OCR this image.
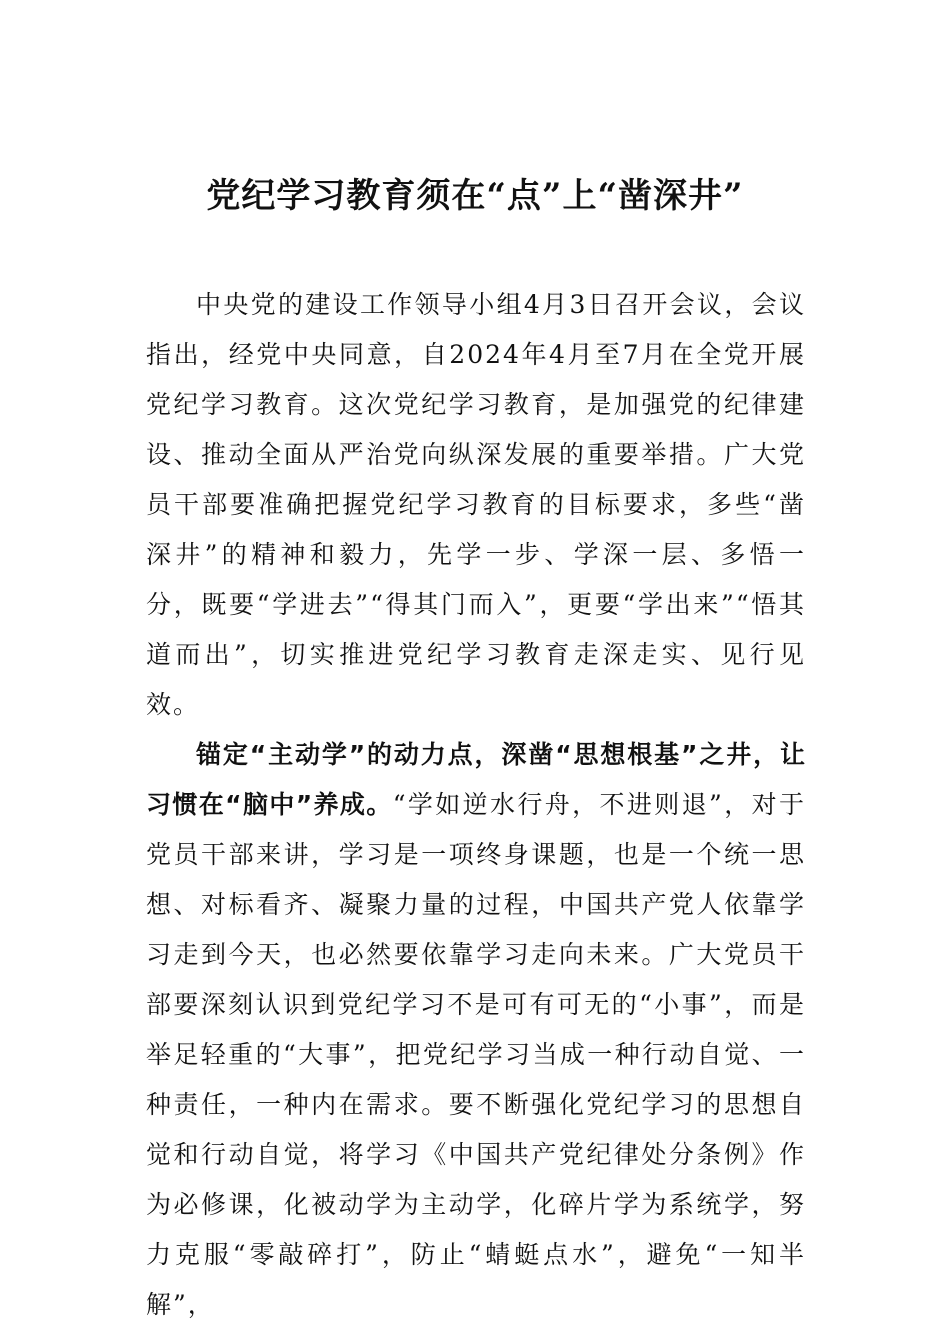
党纪学习教育须在“点”上“凿深井”

中央党的建设工作领导小组4月3日召开会议，会议指出，经党中央同意，自2024年4月至7月在全党开展党纪学习教育。这次党纪学习教育，是加强党的纪律建设、推动全面从严治党向纵深发展的重要举措。广大党员干部要准确把握党纪学习教育的目标要求，多些“凿深井”的精神和毅力，先学一步、学深一层、多悟一分，既要“学进去”“得其门而入”，更要“学出来”“悟其道而出”，切实推进党纪学习教育走深走实、见行见效。

锚定“主动学”的动力点，深凿“思想根基”之井，让习惯在“脑中”养成。“学如逆水行舟，不进则退”，对于党员干部来讲，学习是一项终身课题，也是一个统一思想、对标看齐、凝聚力量的过程，中国共产党人依靠学习走到今天，也必然要依靠学习走向未来。广大党员干部要深刻认识到党纪学习不是可有可无的“小事”，而是举足轻重的“大事”，把党纪学习当成一种行动自觉、一种责任，一种内在需求。要不断强化党纪学习的思想自觉和行动自觉，将学习《中国共产党纪律处分条例》作为必修课，化被动学为主动学，化碎片学为系统学，努力克服“零敲碎打”，防止“蜻蜓点水”，避免“一知半解”，
